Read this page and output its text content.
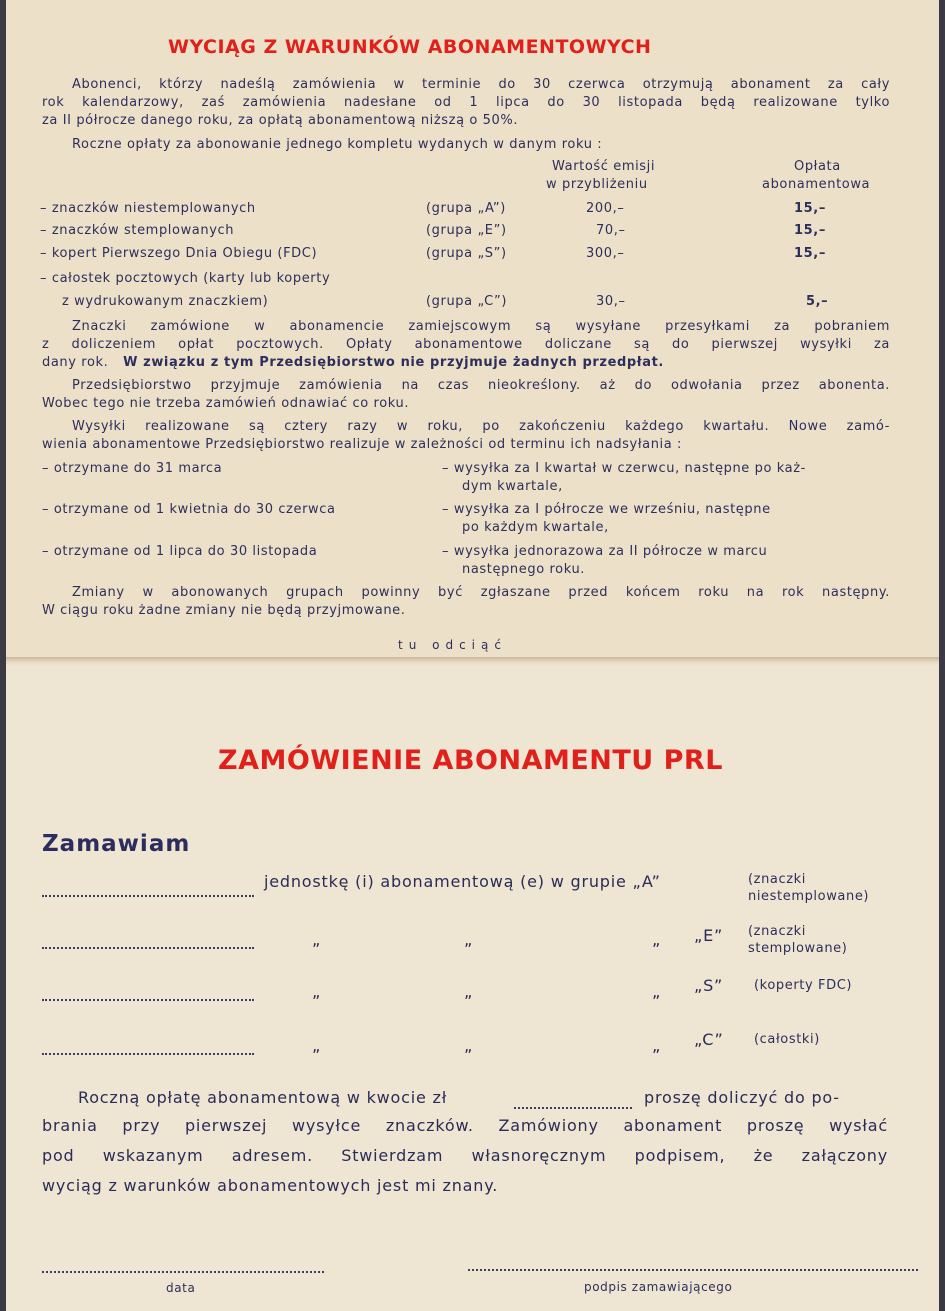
WYCIĄG Z WARUNKÓW ABONAMENTOWYCH

Abonenci, którzy nadeślą zamówienia w terminie do 30 czerwca otrzymują abonament za cały

rok kalendarzowy, zaś zamówienia nadesłane od 1 lipca do 30 listopada będą realizowane tylko

za II półrocze danego roku, za opłatą abonamentową niższą o 50%.

Roczne opłaty za abonowanie jednego kompletu wydanych w danym roku :

Wartość emisji
w przybliżeniu
Opłata
abonamentowa
– znaczków niestemplowanych	(grupa „A”)	200,–	15,–
– znaczków stemplowanych	(grupa „E”)	70,–	15,–
– kopert Pierwszego Dnia Obiegu (FDC)	(grupa „S”)	300,–	15,–
– całostek pocztowych (karty lub koperty
z wydrukowanym znaczkiem)	(grupa „C”)	30,–	5,–

Znaczki zamówione w abonamencie zamiejscowym są wysyłane przesyłkami za pobraniem

z doliczeniem opłat pocztowych. Opłaty abonamentowe doliczane są do pierwszej wysyłki za

dany rok. W związku z tym Przedsiębiorstwo nie przyjmuje żadnych przedpłat.

Przedsiębiorstwo przyjmuje zamówienia na czas nieokreślony. aż do odwołania przez abonenta.

Wobec tego nie trzeba zamówień odnawiać co roku.

Wysyłki realizowane są cztery razy w roku, po zakończeniu każdego kwartału. Nowe zamó-

wienia abonamentowe Przedsiębiorstwo realizuje w zależności od terminu ich nadsyłania :

– otrzymane do 31 marca	– wysyłka za I kwartał w czerwcu, następne po każ-
dym kwartale,
– otrzymane od 1 kwietnia do 30 czerwca	– wysyłka za I półrocze we wrześniu, następne
po każdym kwartale,
– otrzymane od 1 lipca do 30 listopada	– wysyłka jednorazowa za II półrocze w marcu
następnego roku.

Zmiany w abonowanych grupach powinny być zgłaszane przed końcem roku na rok następny.

W ciągu roku żadne zmiany nie będą przyjmowane.

tu odciąć
ZAMÓWIENIE ABONAMENTU PRL
Zamawiam
jednostkę (i) abonamentową (e) w grupie „A”	(znaczki
niestemplowane)
„	„	„ „E” (znaczki
stemplowane)
„	„	„ „S” (koperty FDC)
„	„	„ „C” (całostki)
Roczną opłatę abonamentową w kwocie zł	proszę doliczyć do po-

brania przy pierwszej wysyłce znaczków. Zamówiony abonament proszę wysłać

pod wskazanym adresem. Stwierdzam własnoręcznym podpisem, że załączony

wyciąg z warunków abonamentowych jest mi znany.

data	podpis zamawiającego
